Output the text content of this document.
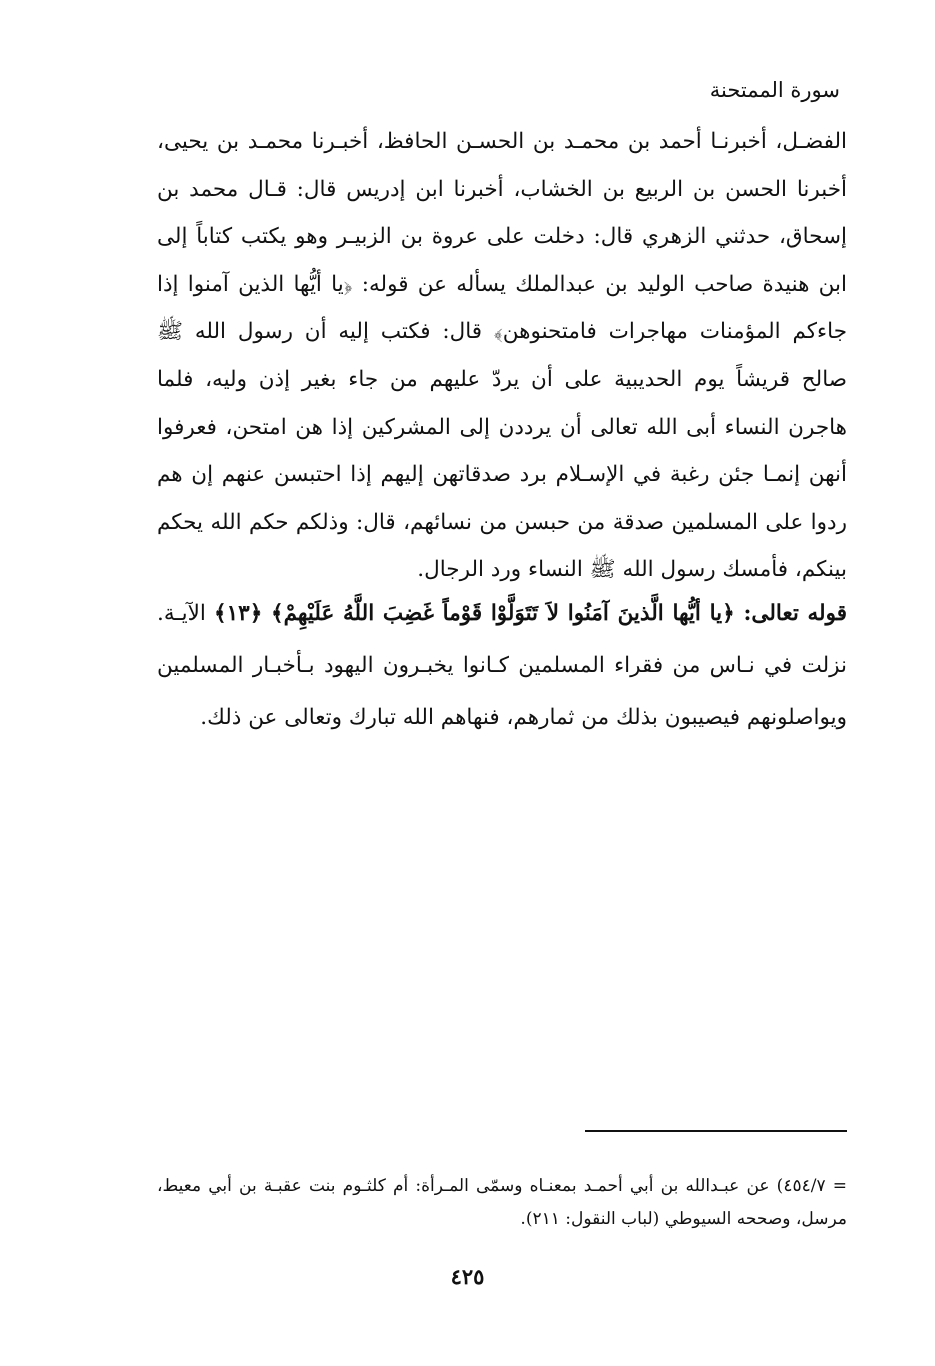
سورة الممتحنة

الفضـل، أخبرنـا أحمد بن محمـد بن الحسـن الحافظ، أخبـرنا محمـد بن يحيى، أخبرنا الحسن بن الربيع بن الخشاب، أخبرنا ابن إدريس قال: قـال محمد بن إسحاق، حدثني الزهري قال: دخلت على عروة بن الزبيـر وهو يكتب كتاباً إلى ابن هنيدة صاحب الوليد بن عبدالملك يسأله عن قوله: ﴿يا أيُّها الذين آمنوا إذا جاءكم المؤمنات مهاجرات فامتحنوهن﴾ قال: فكتب إليه أن رسول الله ﷺ صالح قريشاً يوم الحديبية على أن يردّ عليهم من جاء بغير إذن وليه، فلما هاجرن النساء أبى الله تعالى أن يرددن إلى المشركين إذا هن امتحن، فعرفوا أنهن إنمـا جئن رغبة في الإسـلام برد صدقاتهن إليهم إذا احتبسن عنهم إن هم ردوا على المسلمين صدقة من حبسن من نسائهم، قال: وذلكم حكم الله يحكم بينكم، فأمسك رسول الله ﷺ النساء ورد الرجال.

قوله تعالى: ﴿يا أيُّها الَّذينَ آمَنُوا لاَ تَتَوَلَّوْا قَوْماً غَضِبَ اللَّهُ عَلَيْهِمْ﴾ ﴿١٣﴾ الآيـة. نزلت في نـاس من فقراء المسلمين كـانوا يخبـرون اليهود بـأخبـار المسلمين ويواصلونهم فيصيبون بذلك من ثمارهم، فنهاهم الله تبارك وتعالى عن ذلك.

= ٤٥٤/٧) عن عبـدالله بن أبي أحمـد بمعنـاه وسمّى المـرأة: أم كلثـوم بنت عقبـة بن أبي معيط، مرسل، وصححه السيوطي (لباب النقول: ٢١١).

٤٢٥
